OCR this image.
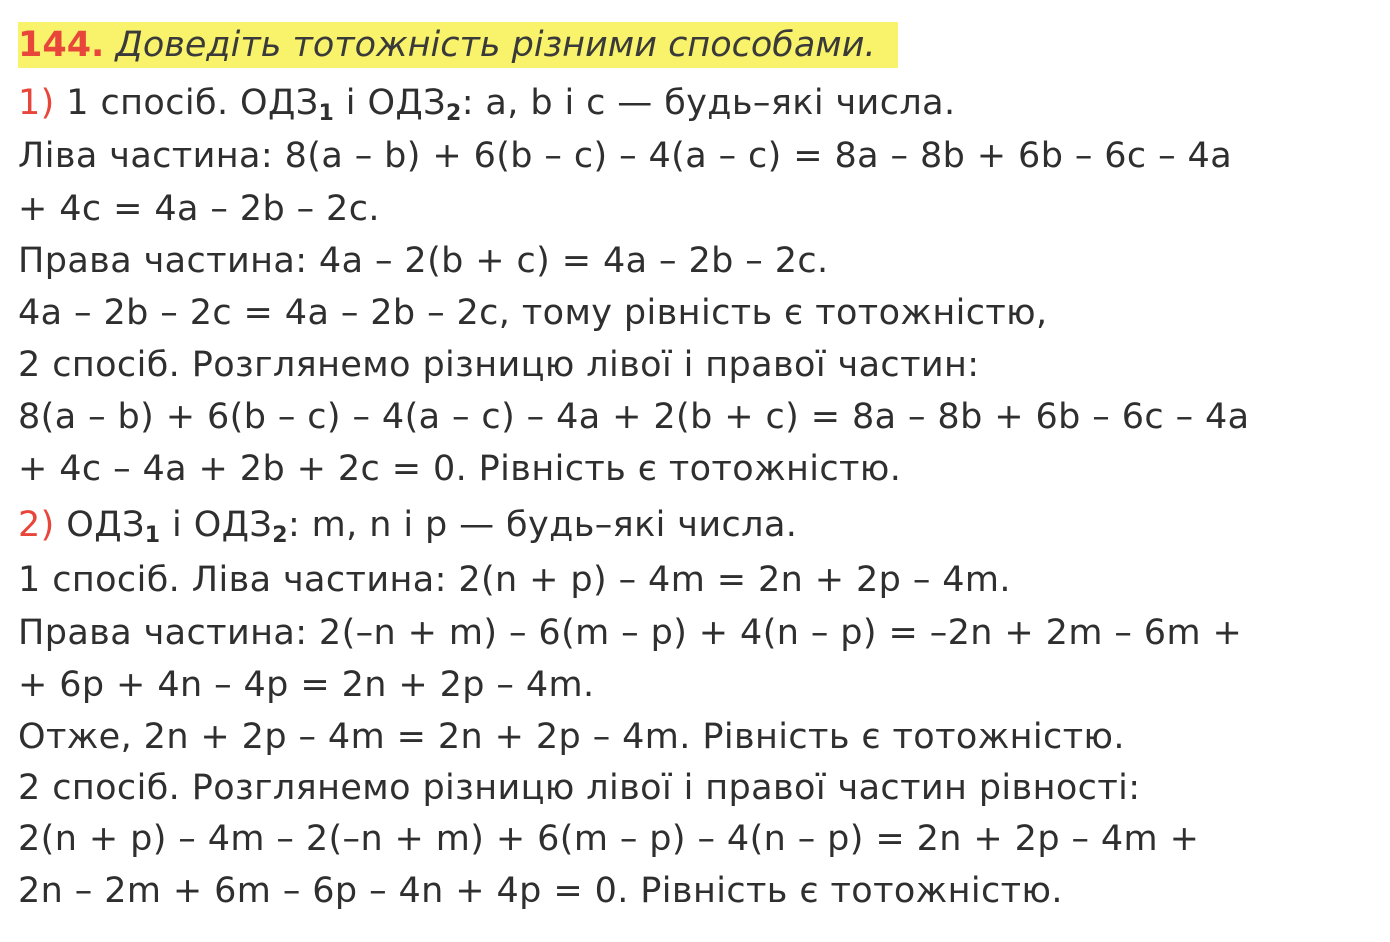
144. Доведіть тотожність різними способами.
1) 1 спосіб. $ОДЗ_1$ і $ОДЗ_2$: a, b і c — будь–які числа.
Ліва частина: 8(a – b) + 6(b – c) – 4(a – c) = 8a – 8b + 6b – 6c – 4a
+ 4c = 4a – 2b – 2c.
Права частина: 4a – 2(b + c) = 4a – 2b – 2c.
4a – 2b – 2c = 4a – 2b – 2c, тому рівність є тотожністю,
2 спосіб. Розглянемо різницю лівої і правої частин:
8(a – b) + 6(b – c) – 4(a – c) – 4a + 2(b + c) = 8a – 8b + 6b – 6c – 4a
+ 4c – 4a + 2b + 2c = 0. Рівність є тотожністю.
2) $ОДЗ_1$ і $ОДЗ_2$: m, n і p — будь–які числа.
1 спосіб. Ліва частина: 2(n + p) – 4m = 2n + 2p – 4m.
Права частина: 2(–n + m) – 6(m – p) + 4(n – p) = –2n + 2m – 6m +
+ 6p + 4n – 4p = 2n + 2p – 4m.
Отже, 2n + 2p – 4m = 2n + 2p – 4m. Рівність є тотожністю.
2 спосіб. Розглянемо різницю лівої і правої частин рівності:
2(n + p) – 4m – 2(–n + m) + 6(m – p) – 4(n – p) = 2n + 2p – 4m +
2n – 2m + 6m – 6p – 4n + 4p = 0. Рівність є тотожністю.
